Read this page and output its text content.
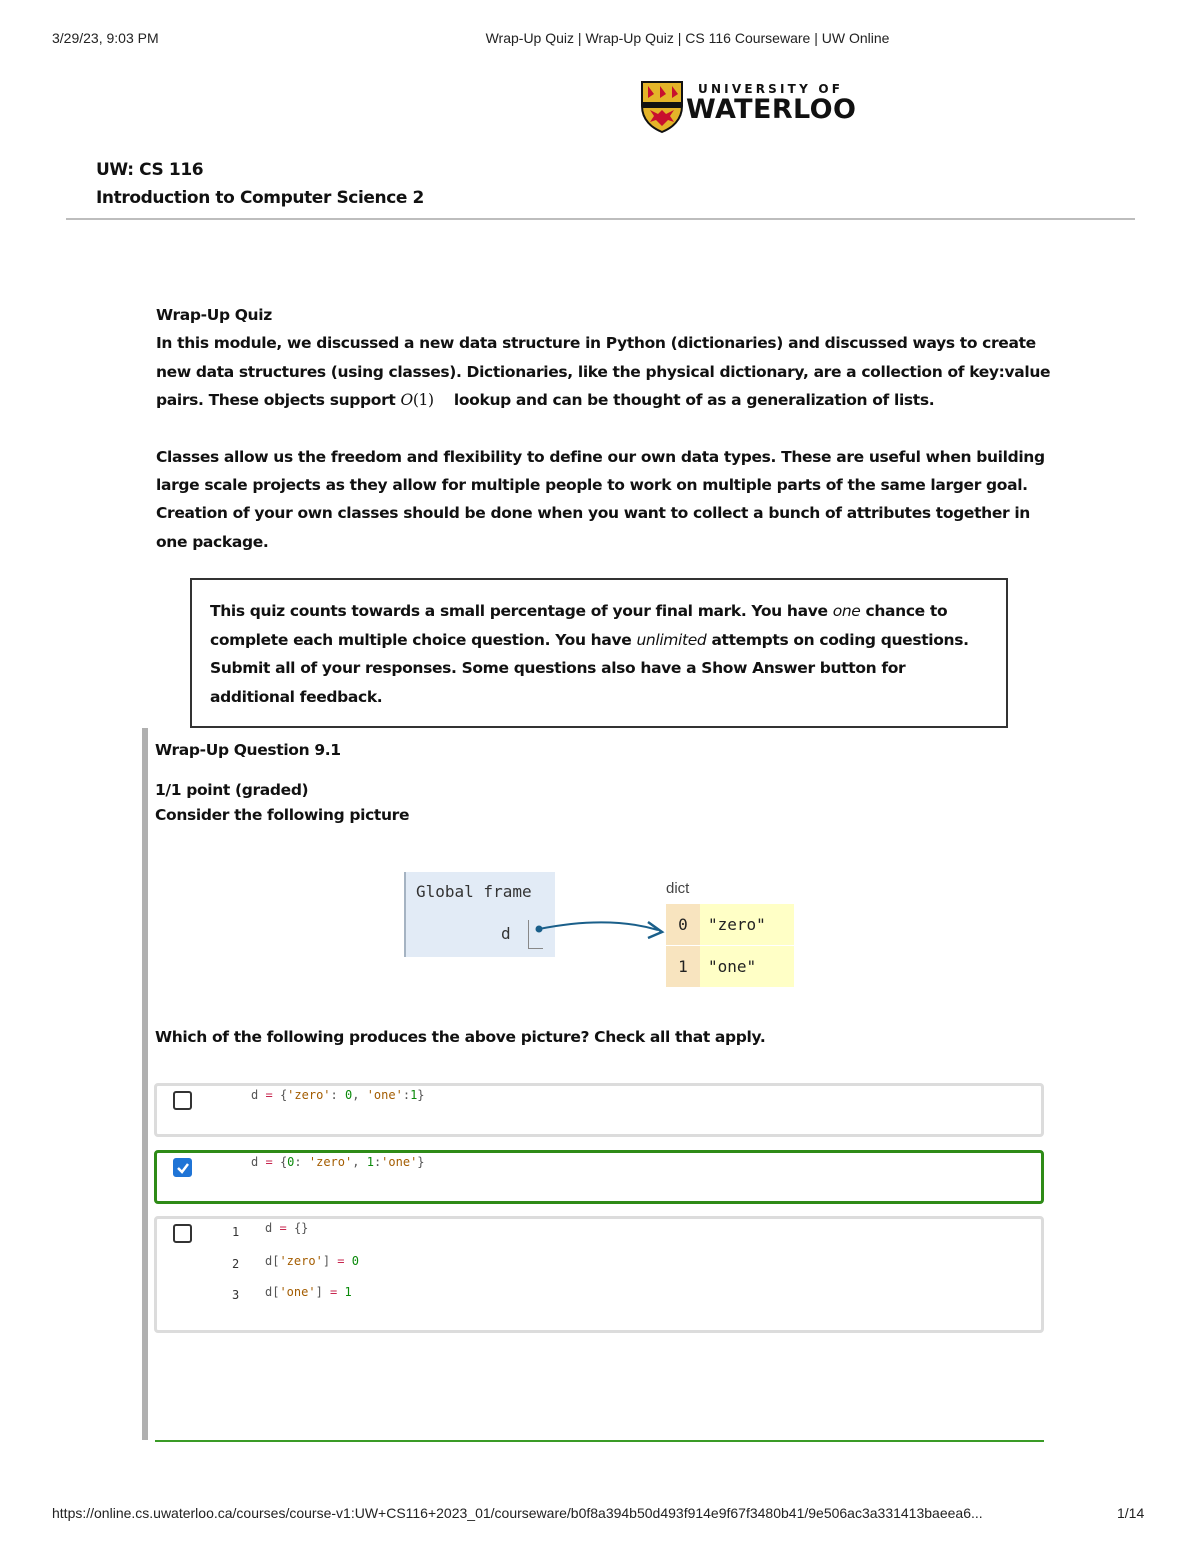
3/29/23, 9:03 PM	Wrap-Up Quiz | Wrap-Up Quiz | CS 116 Courseware | UW Online
UNIVERSITY OF
WATERLOO
UW: CS 116
Introduction to Computer Science 2

Wrap-Up Quiz

In this module, we discussed a new data structure in Python (dictionaries) and discussed ways to create new data structures (using classes). Dictionaries, like the physical dictionary, are a collection of key:value pairs. These objects support O(1) lookup and can be thought of as a generalization of lists.

Classes allow us the freedom and flexibility to define our own data types. These are useful when building large scale projects as they allow for multiple people to work on multiple parts of the same larger goal. Creation of your own classes should be done when you want to collect a bunch of attributes together in one package.

This quiz counts towards a small percentage of your final mark. You have one chance to complete each multiple choice question. You have unlimited attempts on coding questions. Submit all of your responses. Some questions also have a Show Answer button for additional feedback.
Wrap-Up Question 9.1
1/1 point (graded)
Consider the following picture
Global frame
d
dict
0	"zero"
1	"one"
Which of the following produces the above picture? Check all that apply.
d = {'zero': 0, 'one':1}
d = {0: 'zero', 1:'one'}
1 d = {}
2 d['zero'] = 0
3 d['one'] = 1
https://online.cs.uwaterloo.ca/courses/course-v1:UW+CS116+2023_01/courseware/b0f8a394b50d493f914e9f67f3480b41/9e506ac3a331413baeea6...	1/14
